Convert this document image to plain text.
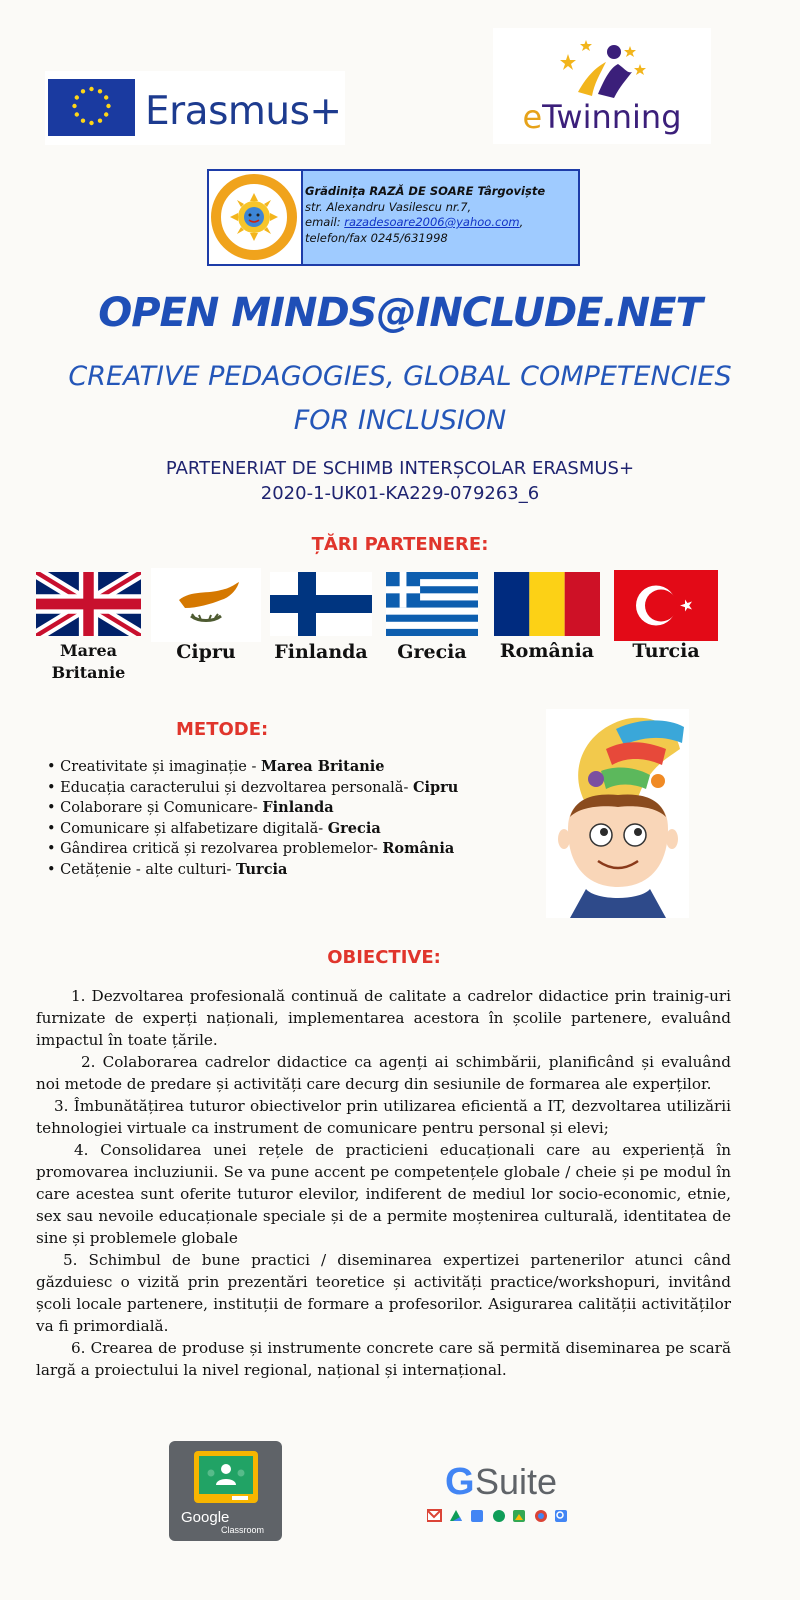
Erasmus+	eTwinning
Grădinița RAZĂ DE SOARE Târgoviște
str. Alexandru Vasilescu nr.7,
email: razadesoare2006@yahoo.com,
telefon/fax 0245/631998
OPEN MINDS@INCLUDE.NET
CREATIVE PEDAGOGIES, GLOBAL COMPETENCIES
FOR INCLUSION
PARTENERIAT DE SCHIMB INTERȘCOLAR ERASMUS+
2020-1-UK01-KA229-079263_6
ȚĂRI PARTENERE:
Marea
Britanie
Cipru	Finlanda	Grecia	România	Turcia
METODE:
• Creativitate și imaginație - Marea Britanie
• Educația caracterului și dezvoltarea personală- Cipru
• Colaborare și Comunicare- Finlanda
• Comunicare și alfabetizare digitală- Grecia
• Gândirea critică și rezolvarea problemelor- România
• Cetățenie - alte culturi- Turcia
OBIECTIVE:

1. Dezvoltarea profesională continuă de calitate a cadrelor didactice prin trainig-uri furnizate de experți naționali, implementarea acestora în școlile partenere, evaluând impactul în toate țările.

2. Colaborarea cadrelor didactice ca agenți ai schimbării, planificând și evaluând noi metode de predare și activități care decurg din sesiunile de formarea ale experților.

3. Îmbunătățirea tuturor obiectivelor prin utilizarea eficientă a IT, dezvoltarea utilizării tehnologiei virtuale ca instrument de comunicare pentru personal și elevi;

4. Consolidarea unei rețele de practicieni educaționali care au experiență în promovarea incluziunii. Se va pune accent pe competențele globale / cheie și pe modul în care acestea sunt oferite tuturor elevilor, indiferent de mediul lor socio-economic, etnie, sex sau nevoile educaționale speciale și de a permite moștenirea culturală, identitatea de sine și problemele globale

5. Schimbul de bune practici / diseminarea expertizei partenerilor atunci când găzduiesc o vizită prin prezentări teoretice și activități practice/workshopuri, invitând școli locale partenere, instituții de formare a profesorilor. Asigurarea calității activităților va fi primordială.

6. Crearea de produse și instrumente concrete care să permită diseminarea pe scară largă a proiectului la nivel regional, național și internațional.

Google
Classroom
G Suite
